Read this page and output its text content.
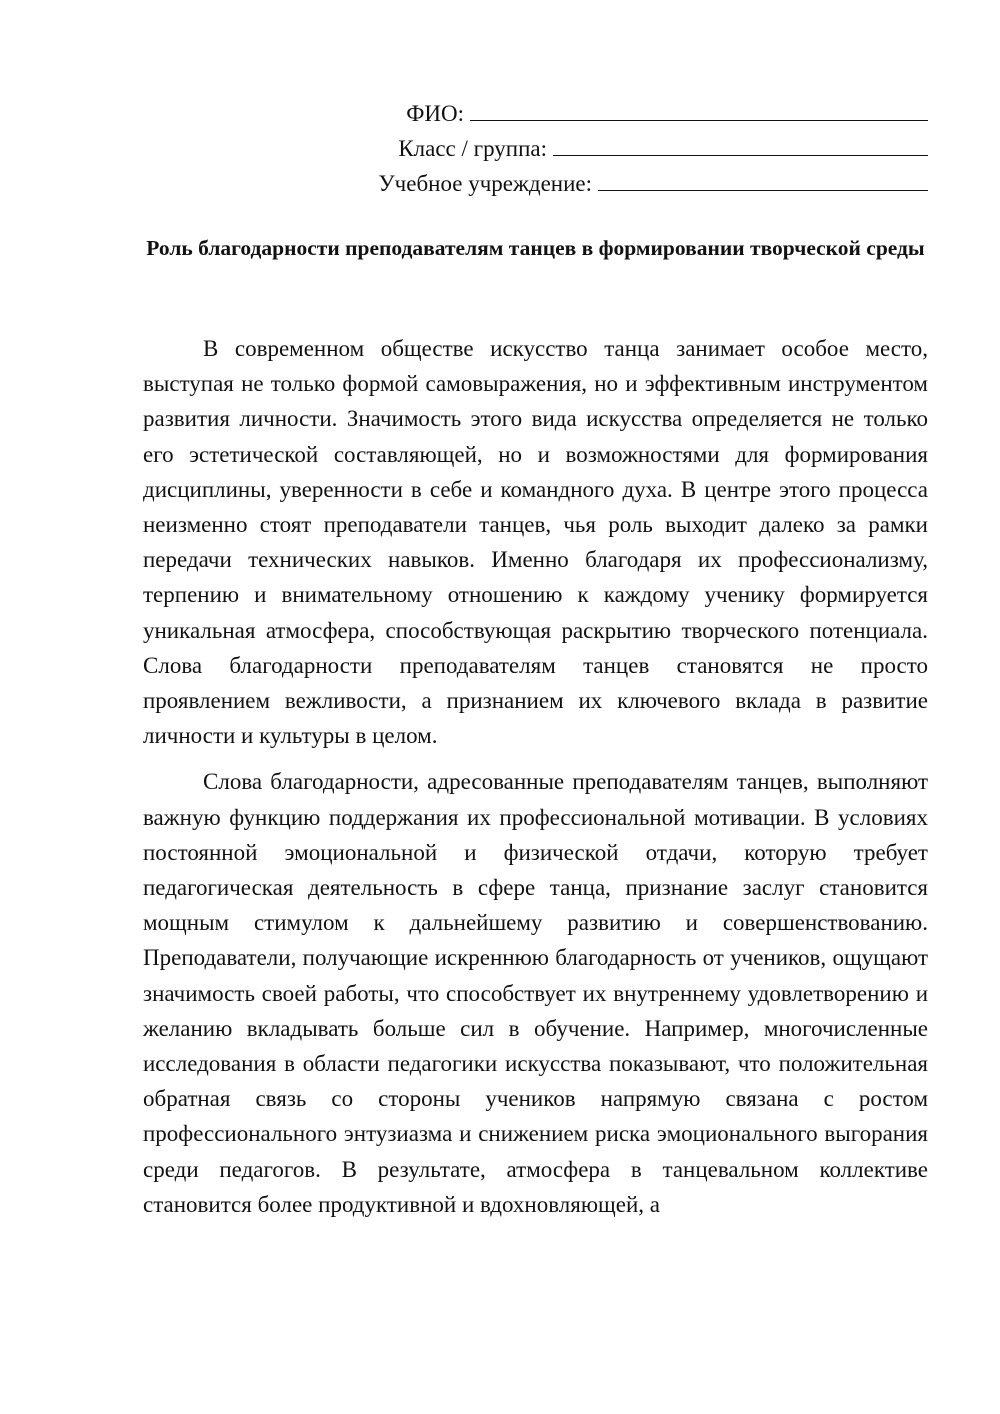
ФИО:
Класс / группа:
Учебное учреждение:
Роль благодарности преподавателям танцев в формировании творческой среды

В современном обществе искусство танца занимает особое место, выступая не только формой самовыражения, но и эффективным инструментом развития личности. Значимость этого вида искусства определяется не только его эстетической составляющей, но и возможностями для формирования дисциплины, уверенности в себе и командного духа. В центре этого процесса неизменно стоят преподаватели танцев, чья роль выходит далеко за рамки передачи технических навыков. Именно благодаря их профессионализму, терпению и внимательному отношению к каждому ученику формируется уникальная атмосфера, способствующая раскрытию творческого потенциала. Слова благодарности преподавателям танцев становятся не просто проявлением вежливости, а признанием их ключевого вклада в развитие личности и культуры в целом.

Слова благодарности, адресованные преподавателям танцев, выполняют важную функцию поддержания их профессиональной мотивации. В условиях постоянной эмоциональной и физической отдачи, которую требует педагогическая деятельность в сфере танца, признание заслуг становится мощным стимулом к дальнейшему развитию и совершенствованию. Преподаватели, получающие искреннюю благодарность от учеников, ощущают значимость своей работы, что способствует их внутреннему удовлетворению и желанию вкладывать больше сил в обучение. Например, многочисленные исследования в области педагогики искусства показывают, что положительная обратная связь со стороны учеников напрямую связана с ростом профессионального энтузиазма и снижением риска эмоционального выгорания среди педагогов. В результате, атмосфера в танцевальном коллективе становится более продуктивной и вдохновляющей, а
